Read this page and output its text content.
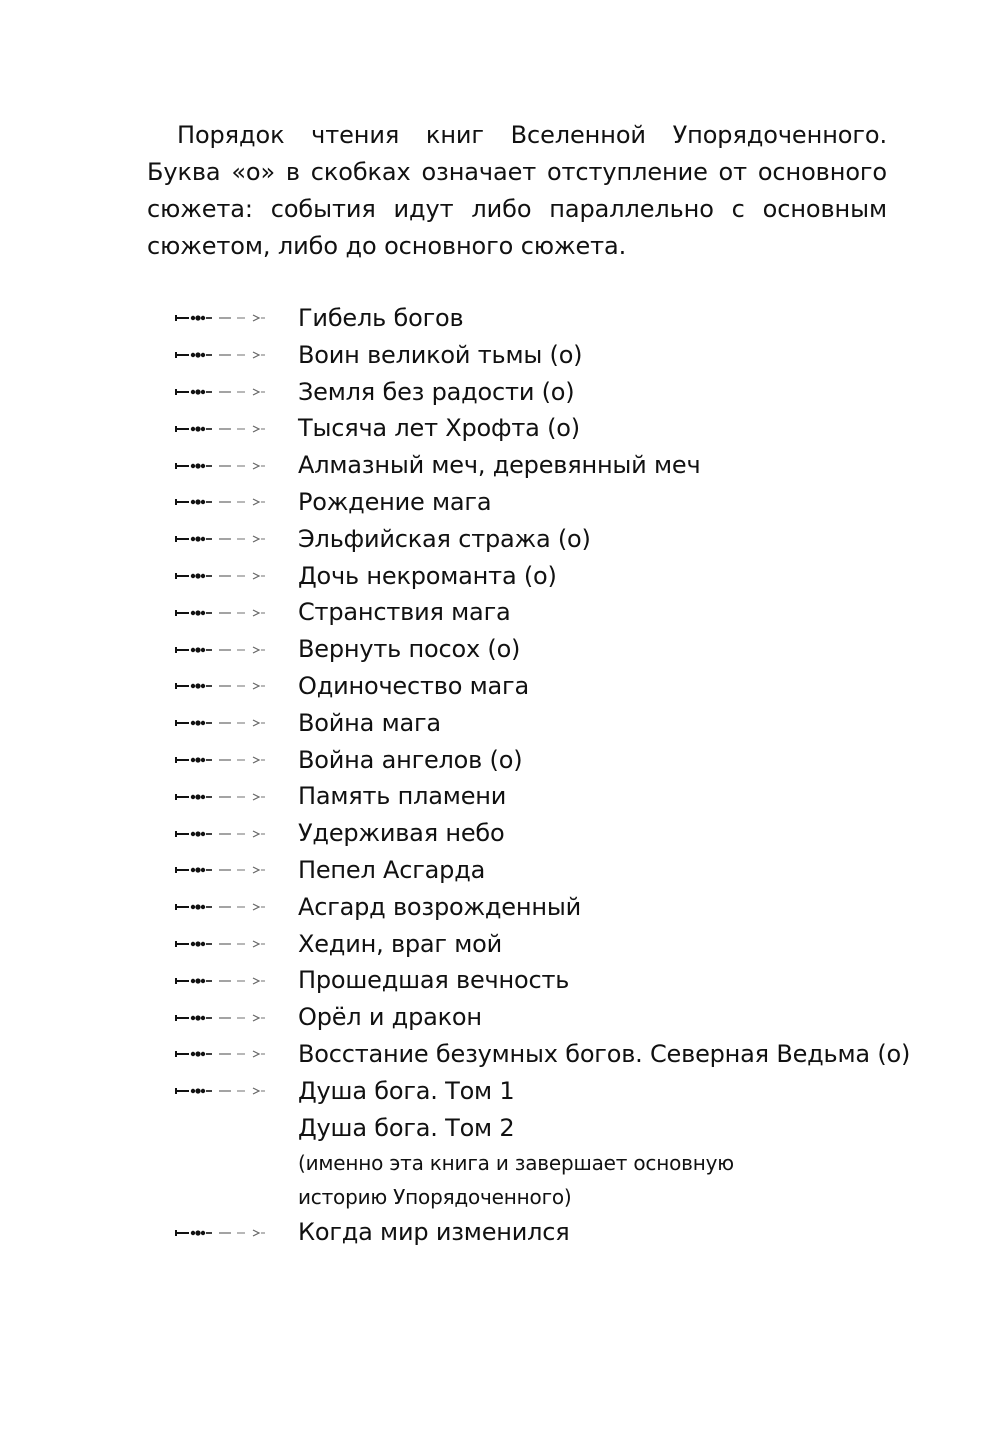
Порядок чтения книг Вселенной Упорядоченного. Буква «о» в скобках означает отступление от основного сюжета: события идут либо параллельно с основным сюжетом, либо до основного сюжета.

Гибель богов
Воин великой тьмы (о)
Земля без радости (о)
Тысяча лет Хрофта (о)
Алмазный меч, деревянный меч
Рождение мага
Эльфийская стража (о)
Дочь некроманта (о)
Странствия мага
Вернуть посох (о)
Одиночество мага
Война мага
Война ангелов (о)
Память пламени
Удерживая небо
Пепел Асгарда
Асгард возрожденный
Хедин, враг мой
Прошедшая вечность
Орёл и дракон
Восстание безумных богов. Северная Ведьма (о)
Душа бога. Том 1
Душа бога. Том 2
(именно эта книга и завершает основную
историю Упорядоченного)
Когда мир изменился
